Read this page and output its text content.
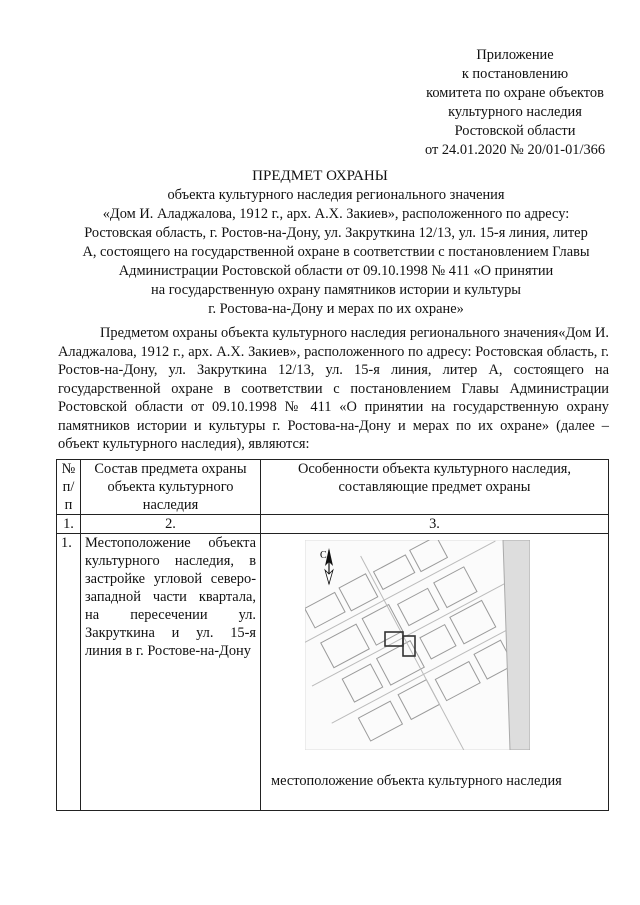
Приложение
к постановлению
комитета по охране объектов
культурного наследия
Ростовской области
от 24.01.2020 № 20/01-01/366
ПРЕДМЕТ ОХРАНЫ
объекта культурного наследия регионального значения
«Дом И. Аладжалова, 1912 г., арх. А.Х. Закиев», расположенного по адресу:
Ростовская область, г. Ростов-на-Дону, ул. Закруткина 12/13, ул. 15-я линия, литер
А, состоящего на государственной охране в соответствии с постановлением Главы
Администрации Ростовской области от 09.10.1998 № 411 «О принятии
на государственную охрану памятников истории и культуры
г. Ростова-на-Дону и мерах по их охране»
Предметом охраны объекта культурного наследия регионального значения«Дом И. Аладжалова, 1912 г., арх. А.Х. Закиев», расположенного по адресу: Ростовская область, г. Ростов-на-Дону, ул. Закруткина 12/13, ул. 15-я линия, литер А, состоящего на государственной охране в соответствии с постановлением Главы Администрации Ростовской области от 09.10.1998 № 411 «О принятии на государственную охрану памятников истории и культуры г. Ростова-на-Дону и мерах по их охране» (далее – объект культурного наследия), являются:
№ п/п	Состав предмета охраны объекта культурного наследия	Особенности объекта культурного наследия, составляющие предмет охраны
1.	2.	3.
1.	Местоположение объекта культурного наследия, в застройке угловой северо-западной части квартала, на пересечении ул. Закруткина и ул. 15-я линия в г. Ростове-на-Дону	С
местоположение объекта культурного наследия
